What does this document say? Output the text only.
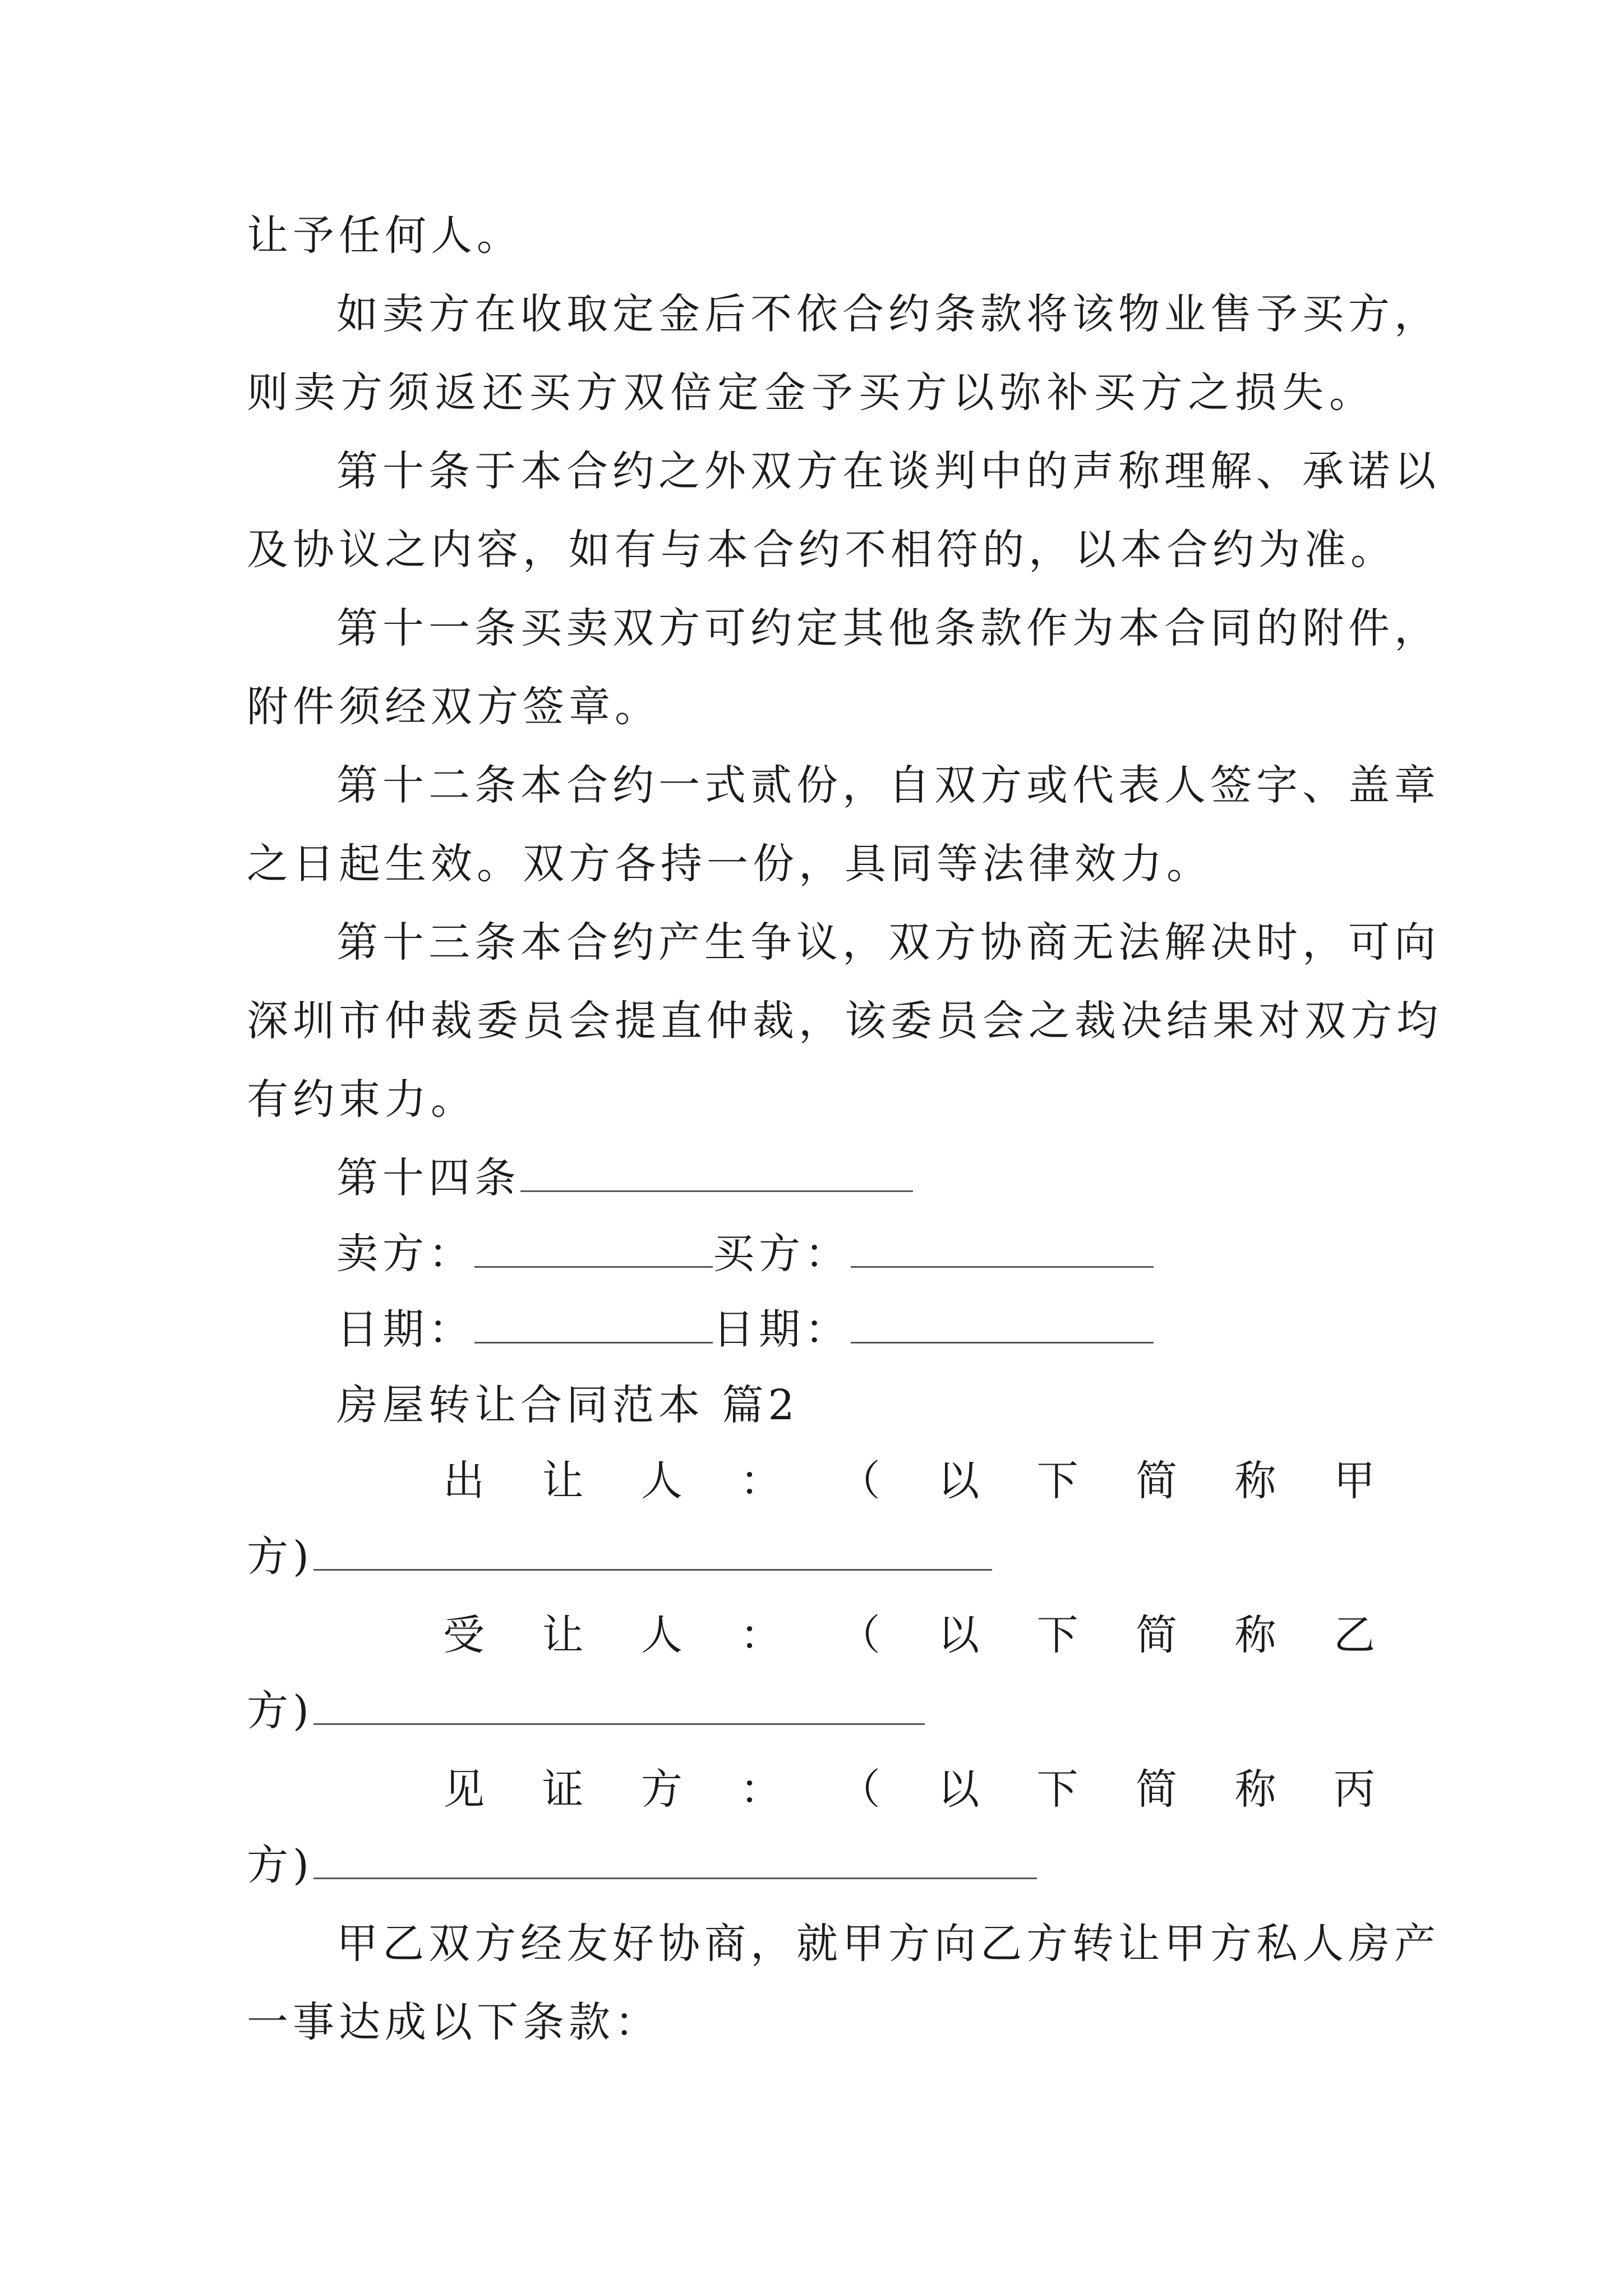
让予任何人。
如卖方在收取定金后不依合约条款将该物业售予买方，
则卖方须返还买方双倍定金予买方以弥补买方之损失。
第十条于本合约之外双方在谈判中的声称理解、承诺以
及协议之内容，如有与本合约不相符的，以本合约为准。
第十一条买卖双方可约定其他条款作为本合同的附件，
附件须经双方签章。
第十二条本合约一式贰份，自双方或代表人签字、盖章
之日起生效。双方各持一份，具同等法律效力。
第十三条本合约产生争议，双方协商无法解决时，可向
深圳市仲裁委员会提直仲裁，该委员会之裁决结果对双方均
有约束力。
第十四条
卖方：	买方：
日期：	日期：
房屋转让合同范本 篇2
出 让 人 ： （ 以 下 简 称 甲
方)
受 让 人 ： （ 以 下 简 称 乙
方)
见 证 方 ： （ 以 下 简 称 丙
方)
甲乙双方经友好协商，就甲方向乙方转让甲方私人房产
一事达成以下条款：
